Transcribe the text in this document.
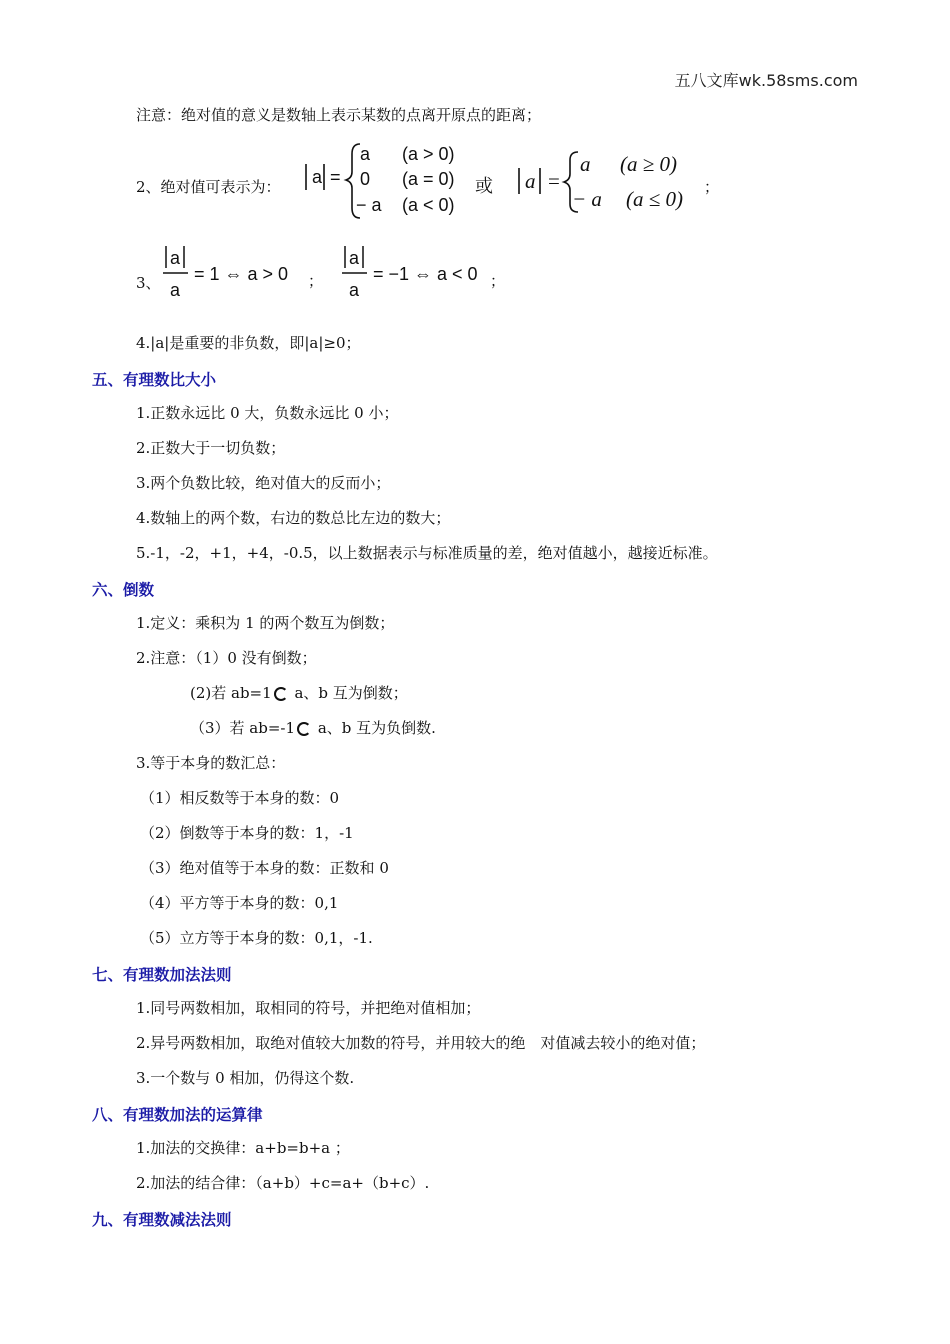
五八文库wk.58sms.com
注意：绝对值的意义是数轴上表示某数的点离开原点的距离；
2、绝对值可表示为： a =
a (a > 0)
0 (a = 0)
− a (a < 0)
或 a =
a (a ≥ 0)
− a (a ≤ 0) ；
3、
a
a
= 1 ⇔ a > 0 ；
a
a
= −1 ⇔ a < 0 ；
4.|a|是重要的非负数，即|a|≥0；
五、有理数比大小
1.正数永远比 0 大，负数永远比 0 小；
2.正数大于一切负数；
3.两个负数比较，绝对值大的反而小；
4.数轴上的两个数，右边的数总比左边的数大；
5.-1，-2，+1，+4，-0.5，以上数据表示与标准质量的差，绝对值越小，越接近标准。
六、倒数
1.定义：乘积为 1 的两个数互为倒数；
2.注意：（1）0 没有倒数；
(2)若 ab=1 a、b 互为倒数；
（3）若 ab=-1 a、b 互为负倒数.
3.等于本身的数汇总：
（1）相反数等于本身的数：0
（2）倒数等于本身的数：1，-1
（3）绝对值等于本身的数：正数和 0
（4）平方等于本身的数：0,1
（5）立方等于本身的数：0,1，-1.
七、有理数加法法则
1.同号两数相加，取相同的符号，并把绝对值相加；
2.异号两数相加，取绝对值较大加数的符号，并用较大的绝　对值减去较小的绝对值；
3.一个数与 0 相加，仍得这个数.
八、有理数加法的运算律
1.加法的交换律：a+b=b+a ；
2.加法的结合律：（a+b）+c=a+（b+c）.
九、有理数减法法则
